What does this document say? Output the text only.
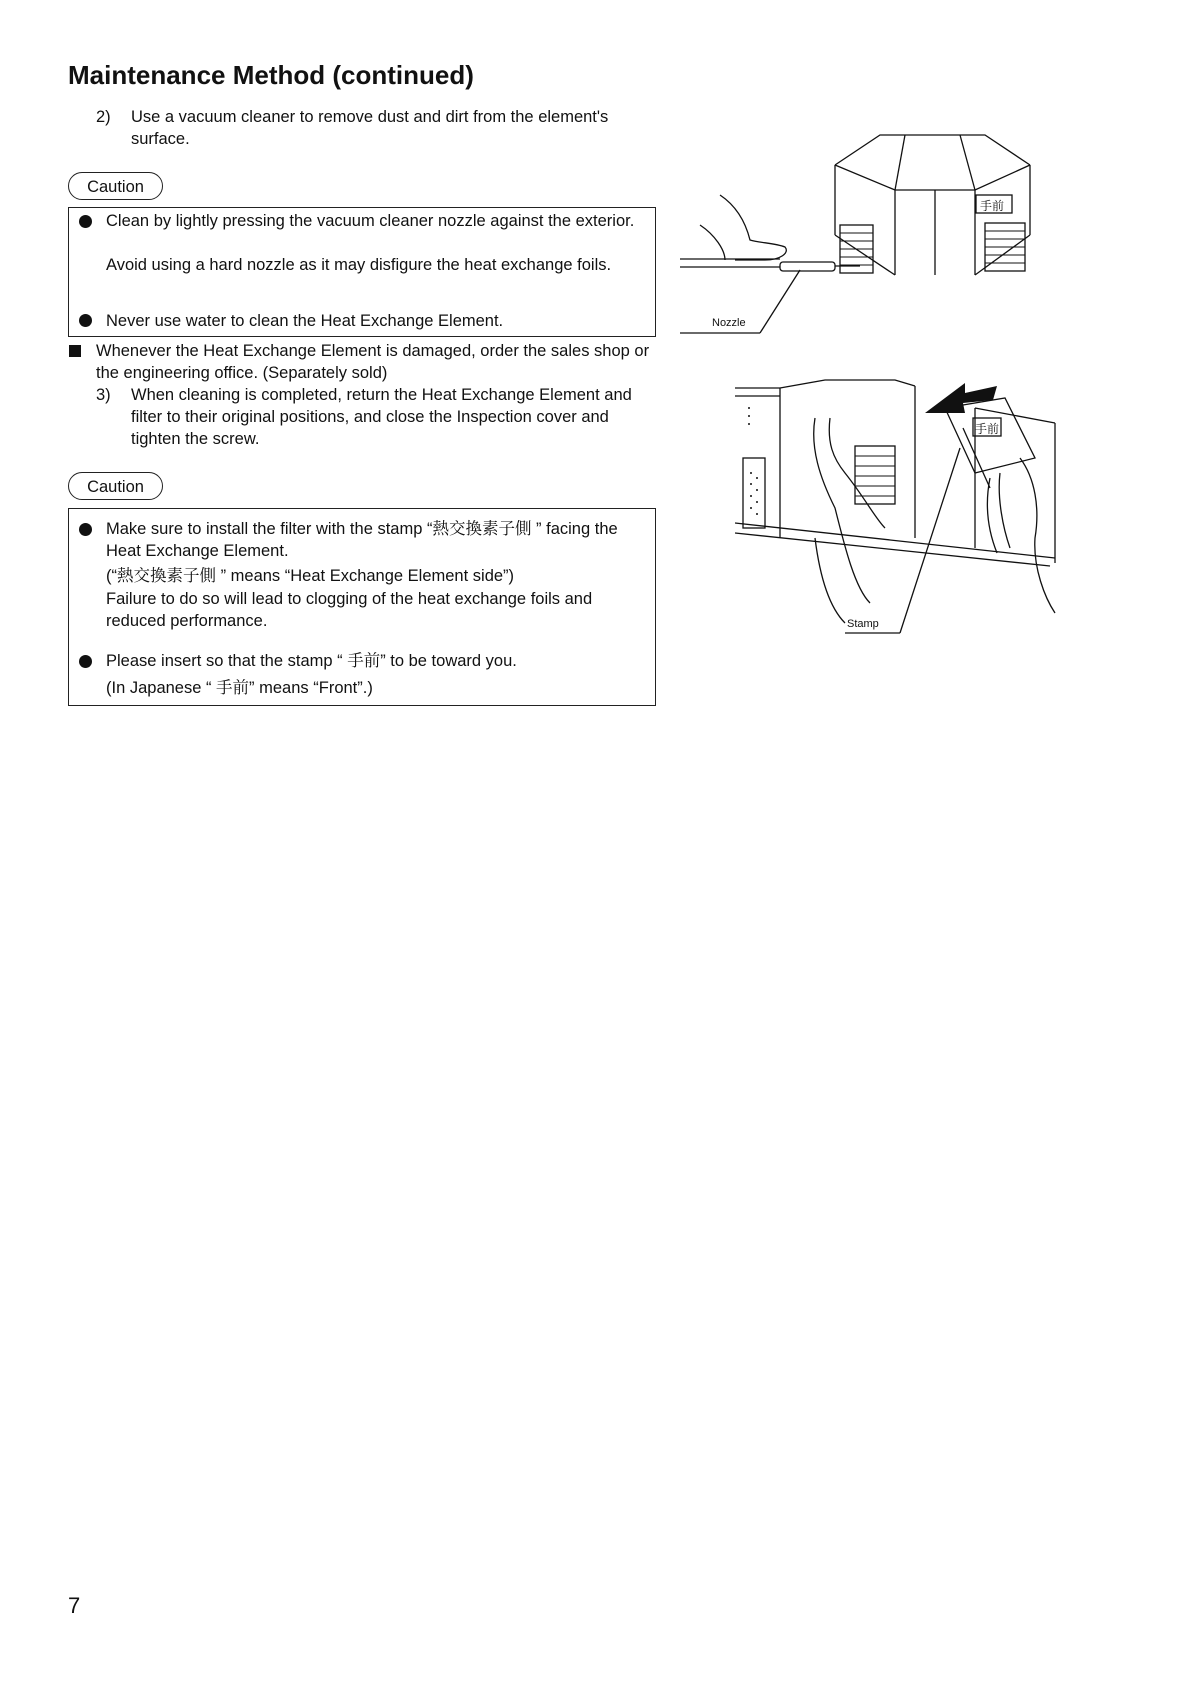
Maintenance Method (continued)
2) Use a vacuum cleaner to remove dust and dirt from the element's surface.
Caution
Clean by lightly pressing the vacuum cleaner nozzle against the exterior.
Avoid using a hard nozzle as it may disfigure the heat exchange foils.
Never use water to clean the Heat Exchange Element.
Whenever the Heat Exchange Element is damaged, order the sales shop or the engineering office. (Separately sold)
3) When cleaning is completed, return the Heat Exchange Element and filter to their original positions, and close the Inspection cover and tighten the screw.
Caution
Make sure to install the filter with the stamp “熱交換素子側 ” facing the Heat Exchange Element.
(“熱交換素子側 ” means “Heat Exchange Element side”)
Failure to do so will lead to clogging of the heat exchange foils and reduced performance.
Please insert so that the stamp “ 手前” to be toward you.
(In Japanese “ 手前” means “Front”.)
手前
Nozzle
手前
Stamp
7
